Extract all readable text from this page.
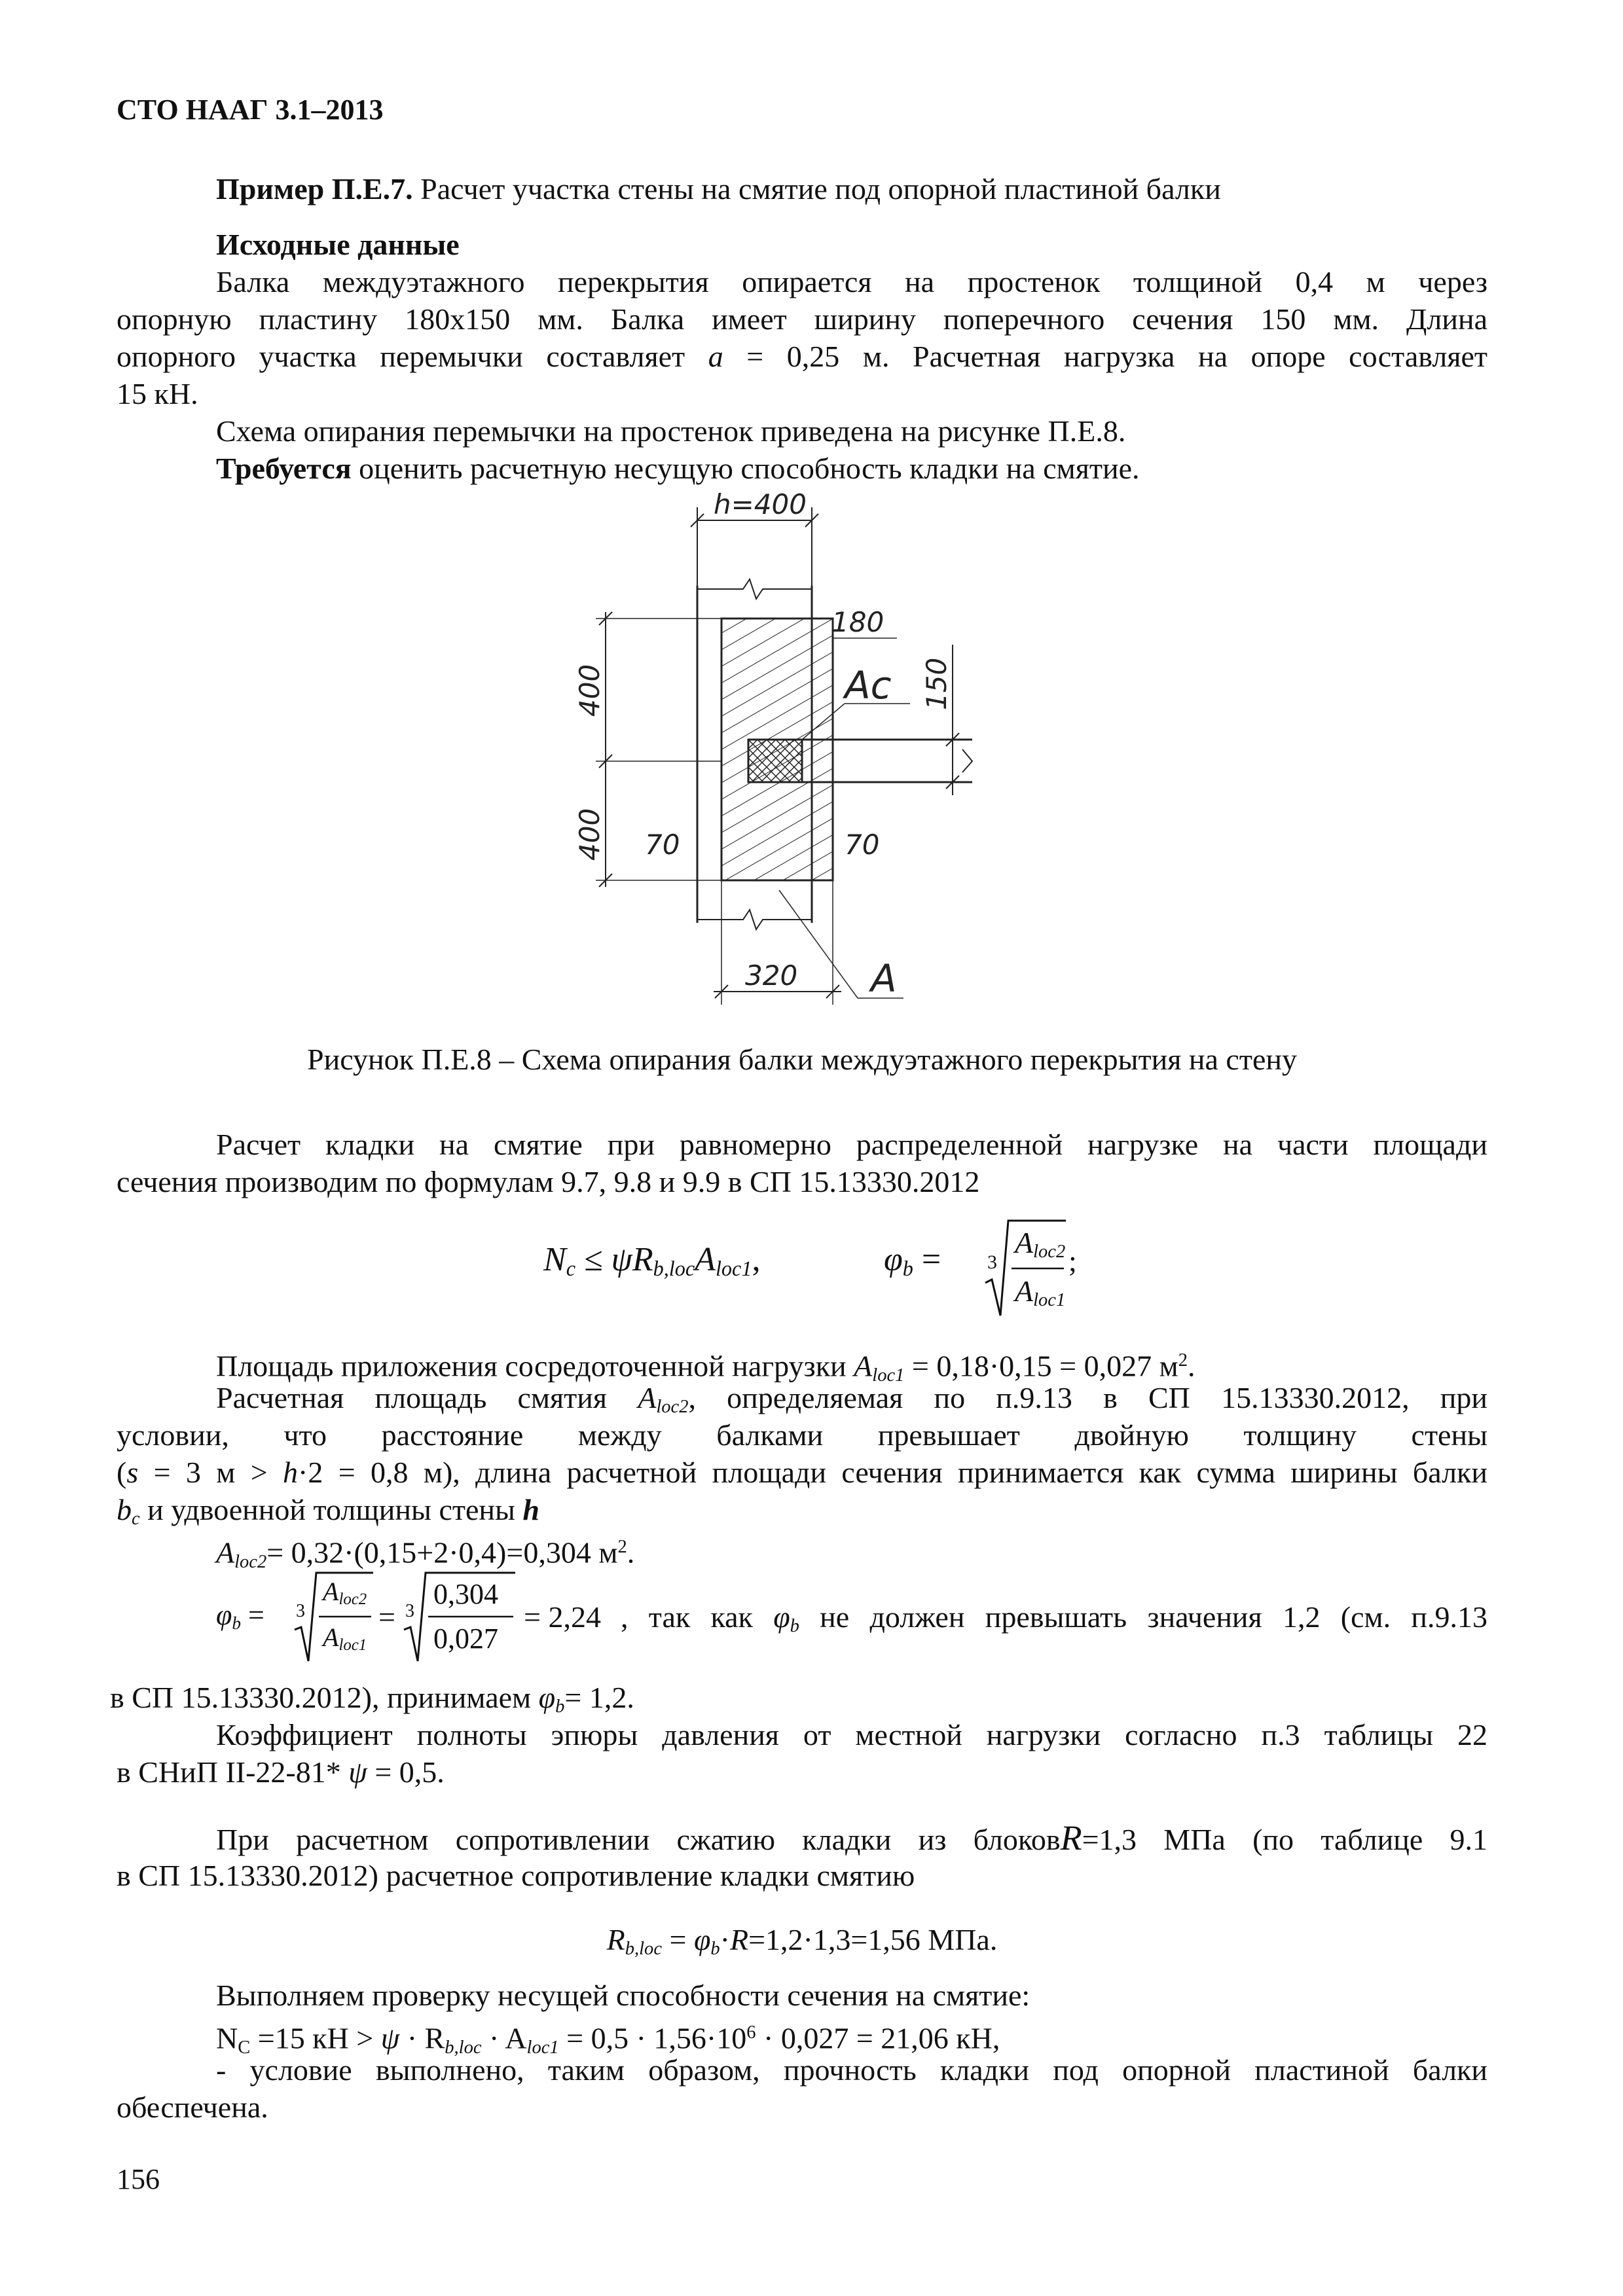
СТО НААГ 3.1–2013
Пример П.Е.7. Расчет участка стены на смятие под опорной пластиной балки
Исходные данные
Балка междуэтажного перекрытия опирается на простенок толщиной 0,4 м через
опорную пластину 180х150 мм. Балка имеет ширину поперечного сечения 150 мм. Длина
опорного участка перемычки составляет a = 0,25 м. Расчетная нагрузка на опоре составляет
15 кН.
Схема опирания перемычки на простенок приведена на рисунке П.Е.8.
Требуется оценить расчетную несущую способность кладки на смятие.
h=400
400
400
180
Ac 150
70	70
320 A
Рисунок П.Е.8 – Схема опирания балки междуэтажного перекрытия на стену
Расчет кладки на смятие при равномерно распределенной нагрузке на части площади
сечения производим по формулам 9.7, 9.8 и 9.9 в СП 15.13330.2012
$N_c \le \psi R_{b,loc}A_{loc1}$,	$\varphi_b = 3$
$A_{loc2}$
$A_{loc1}$
;
Площадь приложения сосредоточенной нагрузки $A_{loc1} = 0,18\cdot 0,15 = 0,027$ $м^2$.
Расчетная площадь смятия $A_{loc2}$, определяемая по п.9.13 в СП 15.13330.2012, при
условии, что расстояние между балками превышает двойную толщину стены
(s = 3 м > h·2 = 0,8 м), длина расчетной площади сечения принимается как сумма ширины балки
$b_c$ и удвоенной толщины стены h
$A_{loc2}= 0,32\cdot(0,15+2\cdot 0,4)=0,304$ $м^2$.
$\varphi_b = 3$
$A_{loc2}$
$A_{loc1}$
= 3
0,304
0,027
= 2,24 , так как $\varphi_b$ не должен превышать значения 1,2 (см. п.9.13
в СП 15.13330.2012), принимаем $\varphi_b= 1,2$.
Коэффициент полноты эпюры давления от местной нагрузки согласно п.3 таблицы 22
в СНиП II-22-81* ψ = 0,5.
При расчетном сопротивлении сжатию кладки из блоковR=1,3 МПа (по таблице 9.1
в СП 15.13330.2012) расчетное сопротивление кладки смятию
$R_{b,loc} = \varphi_b\cdot R=1,2\cdot 1,3=1,56$ МПа.
Выполняем проверку несущей способности сечения на смятие:
$N_C =15$ кН > $\psi \cdot R_{b,loc} \cdot A_{loc1} = 0,5 \cdot 1,56\cdot 10^6 \cdot 0,027 = 21,06$ кН,
- условие выполнено, таким образом, прочность кладки под опорной пластиной балки
обеспечена.
156
